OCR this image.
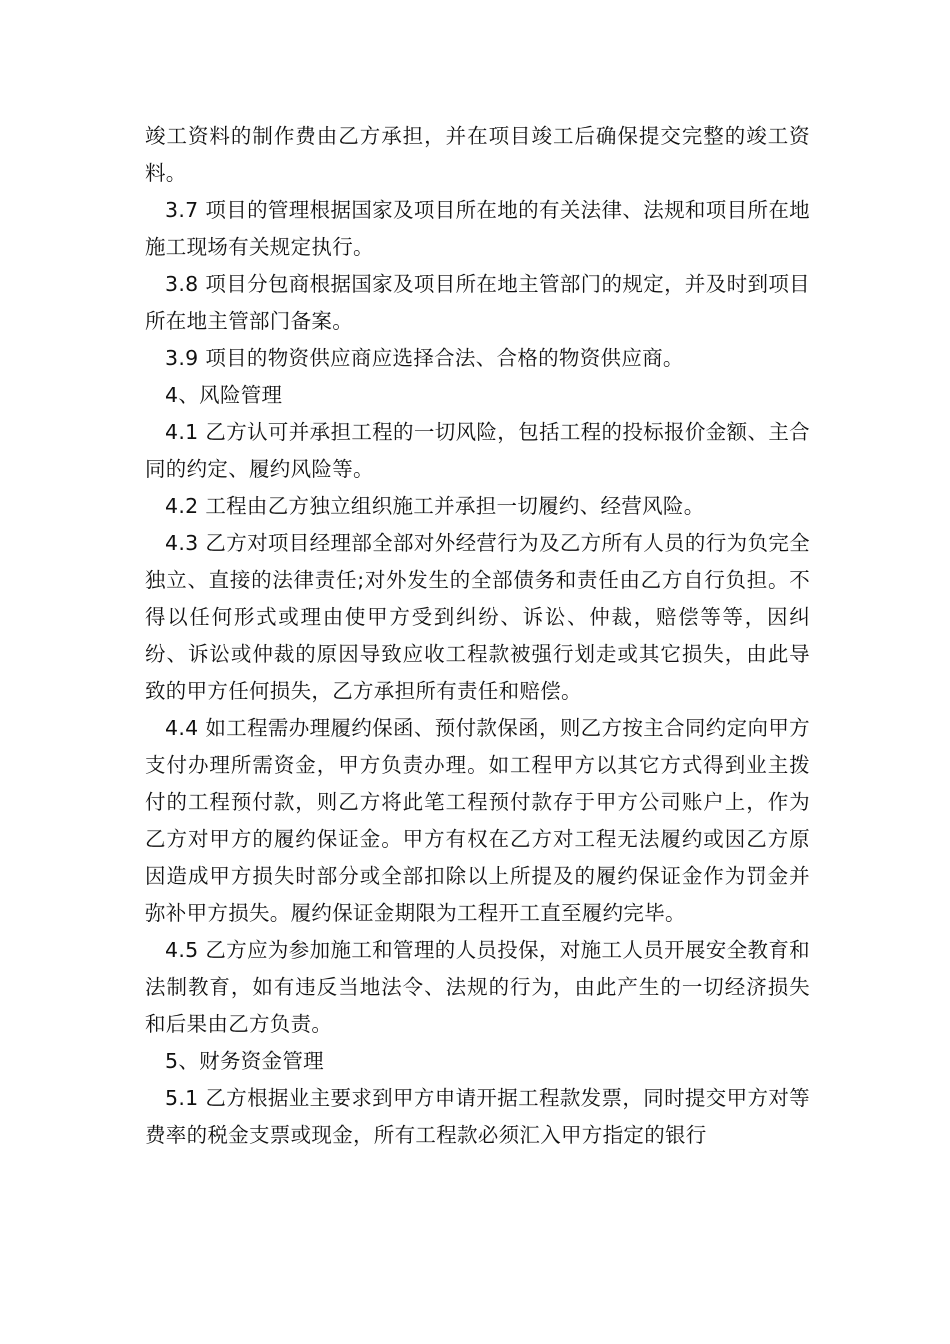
竣工资料的制作费由乙方承担，并在项目竣工后确保提交完整的竣工资料。

3.7 项目的管理根据国家及项目所在地的有关法律、法规和项目所在地施工现场有关规定执行。

3.8 项目分包商根据国家及项目所在地主管部门的规定，并及时到项目所在地主管部门备案。

3.9 项目的物资供应商应选择合法、合格的物资供应商。

4、风险管理

4.1 乙方认可并承担工程的一切风险，包括工程的投标报价金额、主合同的约定、履约风险等。

4.2 工程由乙方独立组织施工并承担一切履约、经营风险。

4.3 乙方对项目经理部全部对外经营行为及乙方所有人员的行为负完全独立、直接的法律责任;对外发生的全部债务和责任由乙方自行负担。不得以任何形式或理由使甲方受到纠纷、诉讼、仲裁，赔偿等等，因纠纷、诉讼或仲裁的原因导致应收工程款被强行划走或其它损失，由此导致的甲方任何损失，乙方承担所有责任和赔偿。

4.4 如工程需办理履约保函、预付款保函，则乙方按主合同约定向甲方支付办理所需资金，甲方负责办理。如工程甲方以其它方式得到业主拨付的工程预付款，则乙方将此笔工程预付款存于甲方公司账户上，作为乙方对甲方的履约保证金。甲方有权在乙方对工程无法履约或因乙方原因造成甲方损失时部分或全部扣除以上所提及的履约保证金作为罚金并弥补甲方损失。履约保证金期限为工程开工直至履约完毕。

4.5 乙方应为参加施工和管理的人员投保，对施工人员开展安全教育和法制教育，如有违反当地法令、法规的行为，由此产生的一切经济损失和后果由乙方负责。

5、财务资金管理

5.1 乙方根据业主要求到甲方申请开据工程款发票，同时提交甲方对等费率的税金支票或现金，所有工程款必须汇入甲方指定的银行
